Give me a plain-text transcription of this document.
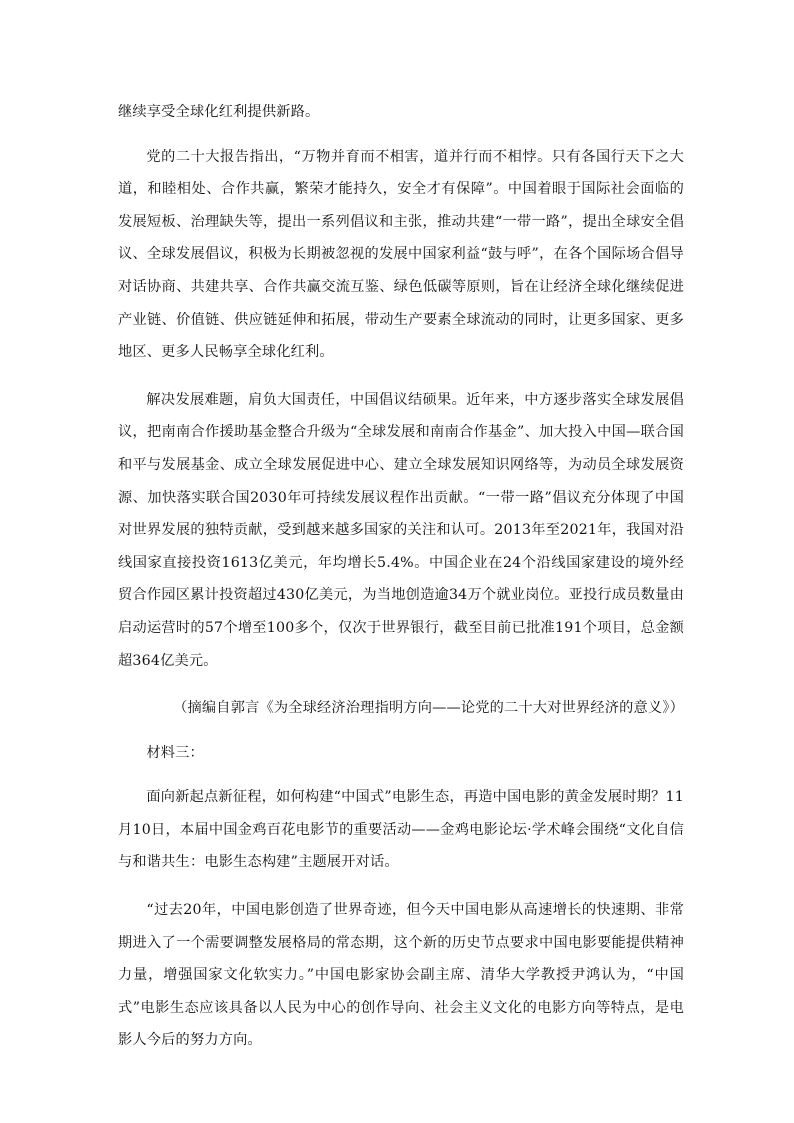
继续享受全球化红利提供新路。

党的二十大报告指出，“万物并育而不相害，道并行而不相悖。只有各国行天下之大道，和睦相处、合作共赢，繁荣才能持久，安全才有保障”。中国着眼于国际社会面临的发展短板、治理缺失等，提出一系列倡议和主张，推动共建“一带一路”，提出全球安全倡议、全球发展倡议，积极为长期被忽视的发展中国家利益“鼓与呼”，在各个国际场合倡导对话协商、共建共享、合作共赢交流互鉴、绿色低碳等原则，旨在让经济全球化继续促进产业链、价值链、供应链延伸和拓展，带动生产要素全球流动的同时，让更多国家、更多地区、更多人民畅享全球化红利。

解决发展难题，肩负大国责任，中国倡议结硕果。近年来，中方逐步落实全球发展倡议，把南南合作援助基金整合升级为“全球发展和南南合作基金”、加大投入中国—联合国和平与发展基金、成立全球发展促进中心、建立全球发展知识网络等，为动员全球发展资源、加快落实联合国2030年可持续发展议程作出贡献。“一带一路”倡议充分体现了中国对世界发展的独特贡献，受到越来越多国家的关注和认可。2013年至2021年，我国对沿线国家直接投资1613亿美元，年均增长5.4%。中国企业在24个沿线国家建设的境外经贸合作园区累计投资超过430亿美元，为当地创造逾34万个就业岗位。亚投行成员数量由启动运营时的57个增至100多个，仅次于世界银行，截至目前已批准191个项目，总金额超364亿美元。

（摘编自郭言《为全球经济治理指明方向——论党的二十大对世界经济的意义》）

材料三：

面向新起点新征程，如何构建“中国式”电影生态，再造中国电影的黄金发展时期？11月10日，本届中国金鸡百花电影节的重要活动——金鸡电影论坛·学术峰会围绕“文化自信与和谐共生：电影生态构建”主题展开对话。

“过去20年，中国电影创造了世界奇迹，但今天中国电影从高速增长的快速期、非常期进入了一个需要调整发展格局的常态期，这个新的历史节点要求中国电影要能提供精神力量，增强国家文化软实力。”中国电影家协会副主席、清华大学教授尹鸿认为，“中国式”电影生态应该具备以人民为中心的创作导向、社会主义文化的电影方向等特点，是电影人今后的努力方向。
